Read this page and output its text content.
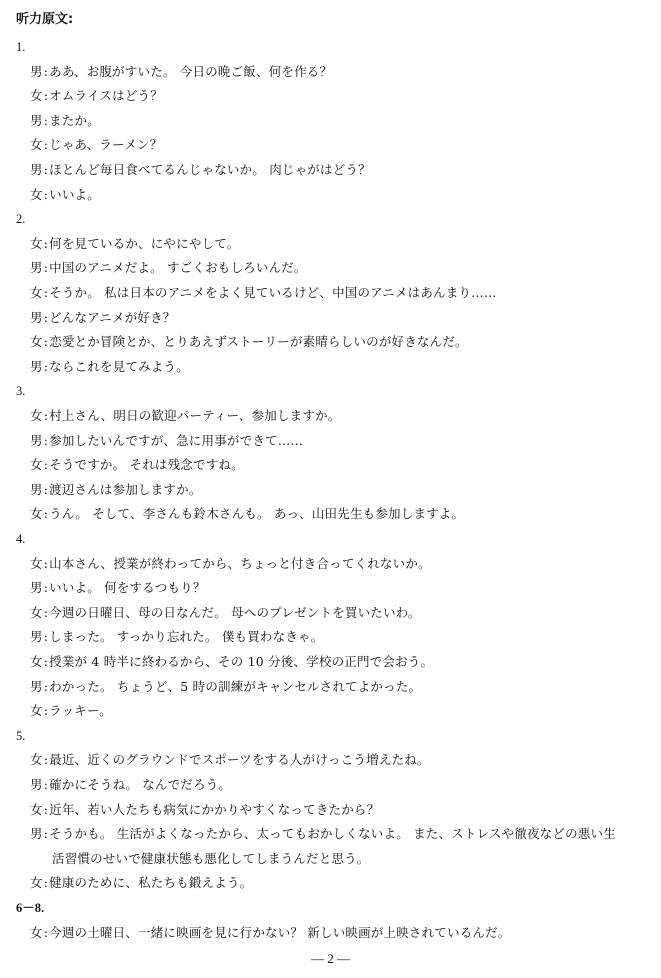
听力原文:
1.
男:ああ、お腹がすいた。 今日の晩ご飯、何を作る？
女:オムライスはどう？
男:またか。
女:じゃあ、ラーメン？
男:ほとんど毎日食べてるんじゃないか。 肉じゃがはどう？
女:いいよ。
2.
女:何を見ているか、にやにやして。
男:中国のアニメだよ。 すごくおもしろいんだ。
女:そうか。 私は日本のアニメをよく見ているけど、中国のアニメはあんまり……
男:どんなアニメが好き？
女:恋愛とか冒険とか、とりあえずストーリーが素晴らしいのが好きなんだ。
男:ならこれを見てみよう。
3.
女:村上さん、明日の歓迎パーティー、参加しますか。
男:参加したいんですが、急に用事ができて……
女:そうですか。 それは残念ですね。
男:渡辺さんは参加しますか。
女:うん。 そして、李さんも鈴木さんも。 あっ、山田先生も参加しますよ。
4.
女:山本さん、授業が終わってから、ちょっと付き合ってくれないか。
男:いいよ。 何をするつもり？
女:今週の日曜日、母の日なんだ。 母へのプレゼントを買いたいわ。
男:しまった。 すっかり忘れた。 僕も買わなきゃ。
女:授業が 4 時半に終わるから、その 10 分後、学校の正門で会おう。
男:わかった。 ちょうど、5 時の訓練がキャンセルされてよかった。
女:ラッキー。
5.
女:最近、近くのグラウンドでスポーツをする人がけっこう増えたね。
男:確かにそうね。 なんでだろう。
女:近年、若い人たちも病気にかかりやすくなってきたから？
男:そうかも。 生活がよくなったから、太ってもおかしくないよ。 また、ストレスや徹夜などの悪い生
活習慣のせいで健康状態も悪化してしまうんだと思う。
女:健康のために、私たちも鍛えよう。
6－8.
女:今週の土曜日、一緒に映画を見に行かない？ 新しい映画が上映されているんだ。
— 2 —
